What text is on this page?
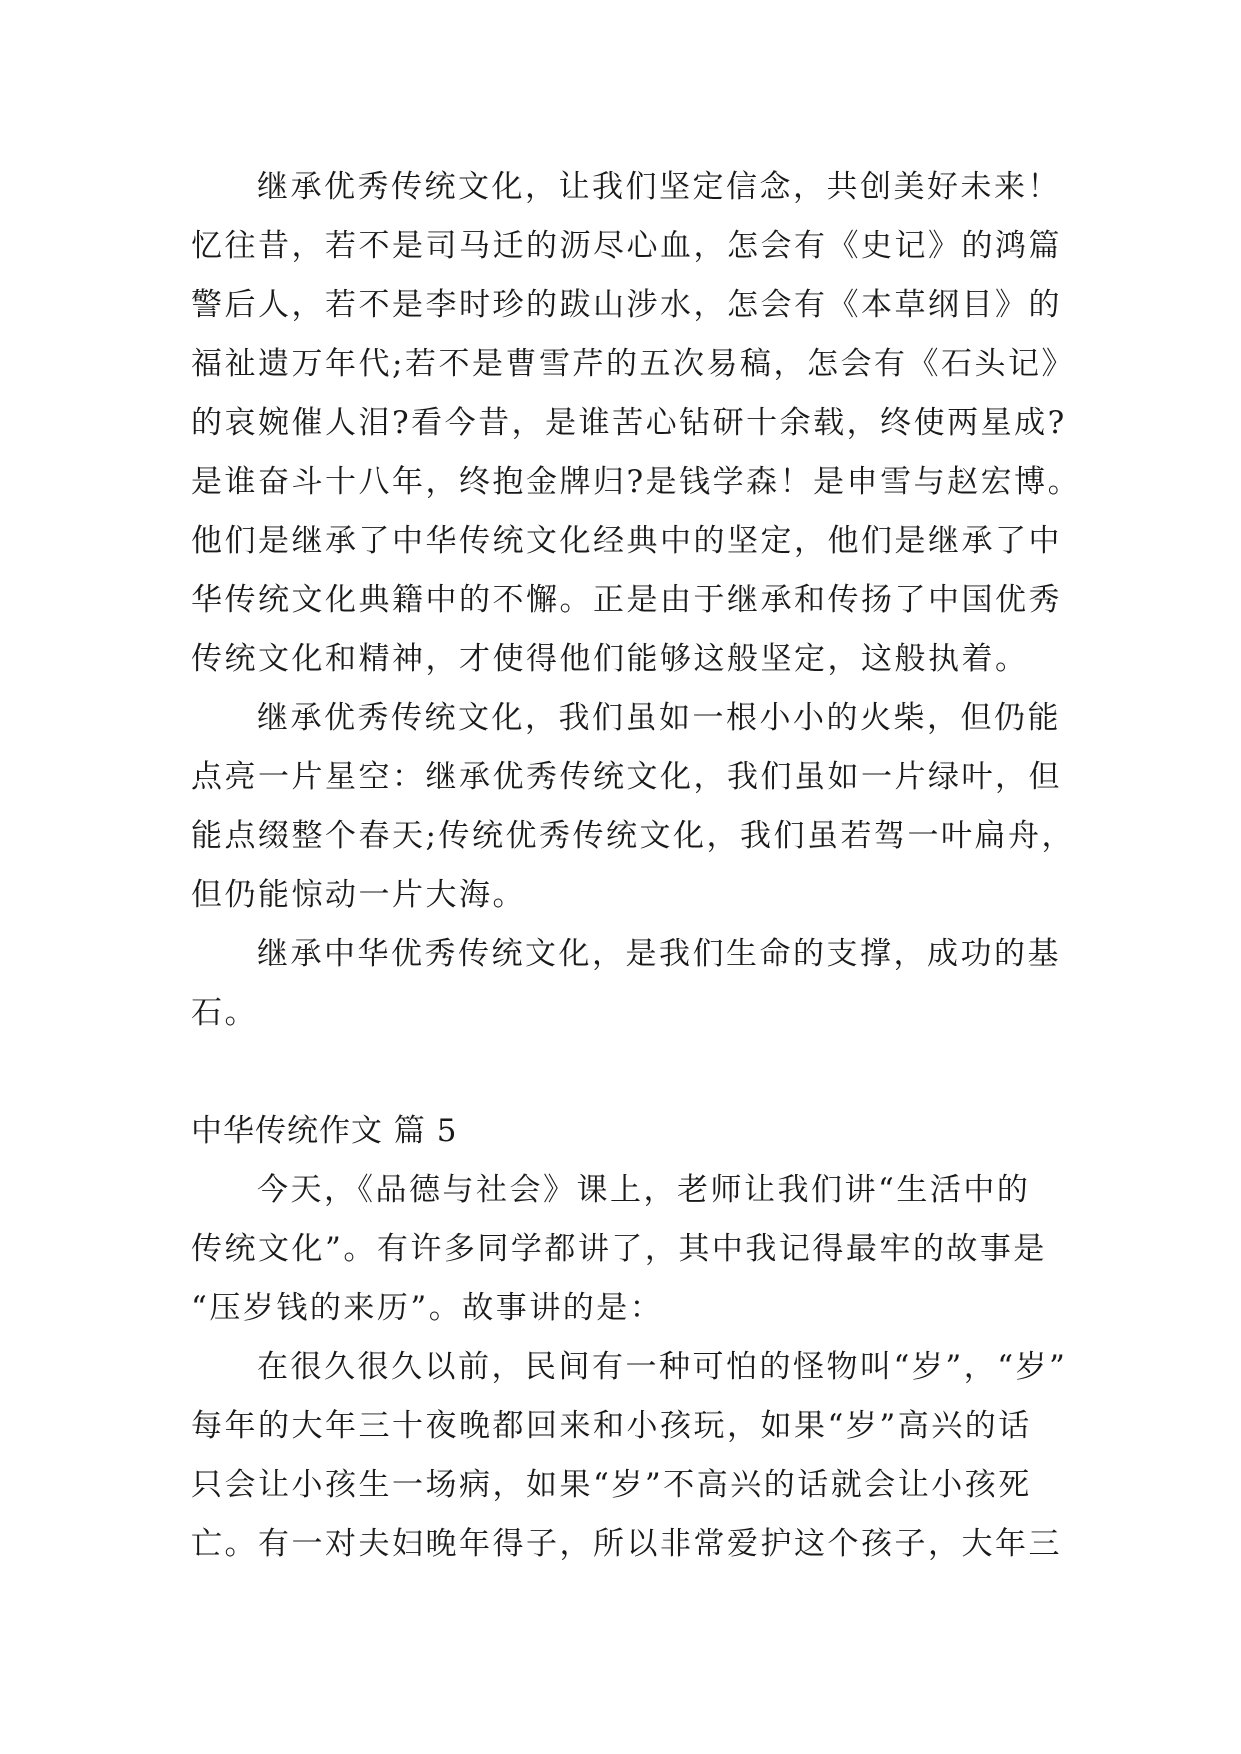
继承优秀传统文化，让我们坚定信念，共创美好未来！
忆往昔，若不是司马迁的沥尽心血，怎会有《史记》的鸿篇
警后人，若不是李时珍的跋山涉水，怎会有《本草纲目》的
福祉遗万年代;若不是曹雪芹的五次易稿，怎会有《石头记》
的哀婉催人泪?看今昔，是谁苦心钻研十余载，终使两星成?
是谁奋斗十八年，终抱金牌归?是钱学森！是申雪与赵宏博。
他们是继承了中华传统文化经典中的坚定，他们是继承了中
华传统文化典籍中的不懈。正是由于继承和传扬了中国优秀
传统文化和精神，才使得他们能够这般坚定，这般执着。
继承优秀传统文化，我们虽如一根小小的火柴，但仍能
点亮一片星空：继承优秀传统文化，我们虽如一片绿叶，但
能点缀整个春天;传统优秀传统文化，我们虽若驾一叶扁舟，
但仍能惊动一片大海。
继承中华优秀传统文化，是我们生命的支撑，成功的基
石。
中华传统作文 篇 5
今天，《品德与社会》课上，老师让我们讲“生活中的
传统文化”。有许多同学都讲了，其中我记得最牢的故事是
“压岁钱的来历”。故事讲的是：
在很久很久以前，民间有一种可怕的怪物叫“岁”，“岁”
每年的大年三十夜晚都回来和小孩玩，如果“岁”高兴的话
只会让小孩生一场病，如果“岁”不高兴的话就会让小孩死
亡。有一对夫妇晚年得子，所以非常爱护这个孩子，大年三
